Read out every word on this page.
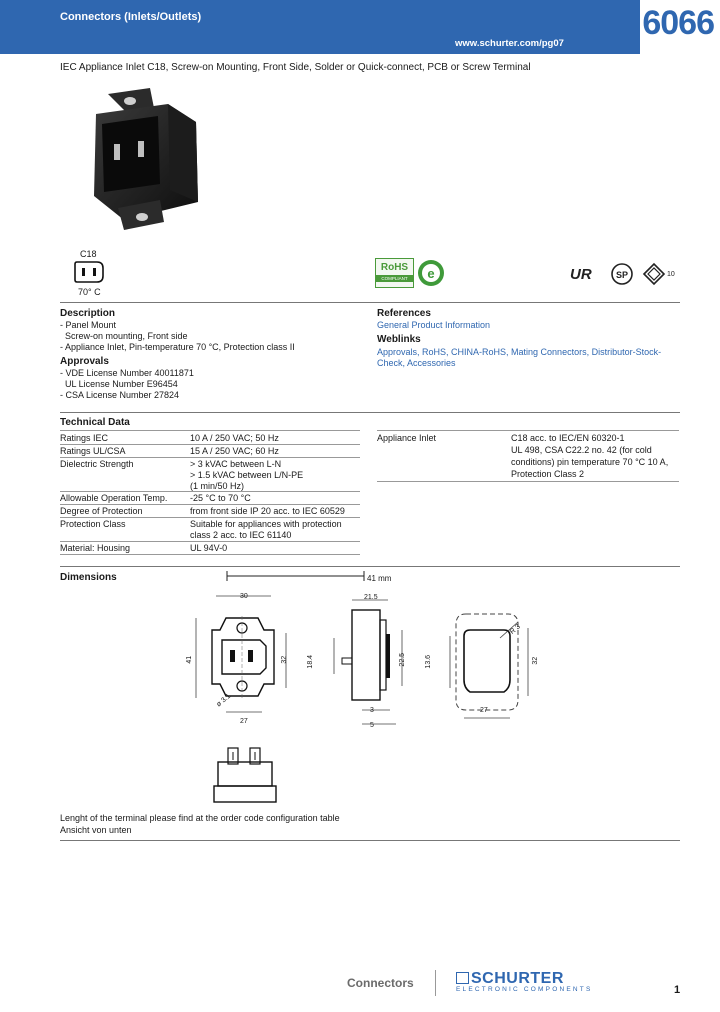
Connectors (Inlets/Outlets)	6066
www.schurter.com/pg07
IEC Appliance Inlet C18, Screw-on Mounting, Front Side, Solder or Quick-connect, PCB or Screw Terminal
C18
70° C
RoHS
COMPLIANT	e	UR	SP	10
Description
- Panel Mount
Screw-on mounting, Front side
- Appliance Inlet, Pin-temperature 70 °C, Protection class II
Approvals
- VDE License Number 40011871
UL License Number E96454
- CSA License Number 27824
References
General Product Information
Weblinks
Approvals, RoHS, CHINA-RoHS, Mating Connectors, Distributor-Stock-
Check, Accessories
Technical Data
Ratings IEC	10 A / 250 VAC; 50 Hz
Ratings UL/CSA	15 A / 250 VAC; 60 Hz
Dielectric Strength	> 3 kVAC between L-N
> 1.5 kVAC between L/N-PE
(1 min/50 Hz)
Allowable Operation Temp.	-25 °C to 70 °C
Degree of Protection	from front side IP 20 acc. to IEC 60529
Protection Class	Suitable for appliances with protection
class 2 acc. to IEC 61140
Material: Housing	UL 94V-0
Appliance Inlet	C18 acc. to IEC/EN 60320-1
UL 498, CSA C22.2 no. 42 (for cold
conditions) pin temperature 70 °C 10 A,
Protection Class 2
Dimensions	41 mm
30
41	32
ø 3.1
27
21.5
18.4	22.5
3
5
13.6
R 3
27
32
Lenght of the terminal please find at the order code configuration table
Ansicht von unten
Connectors	SCHURTER
ELECTRONIC COMPONENTS	1
